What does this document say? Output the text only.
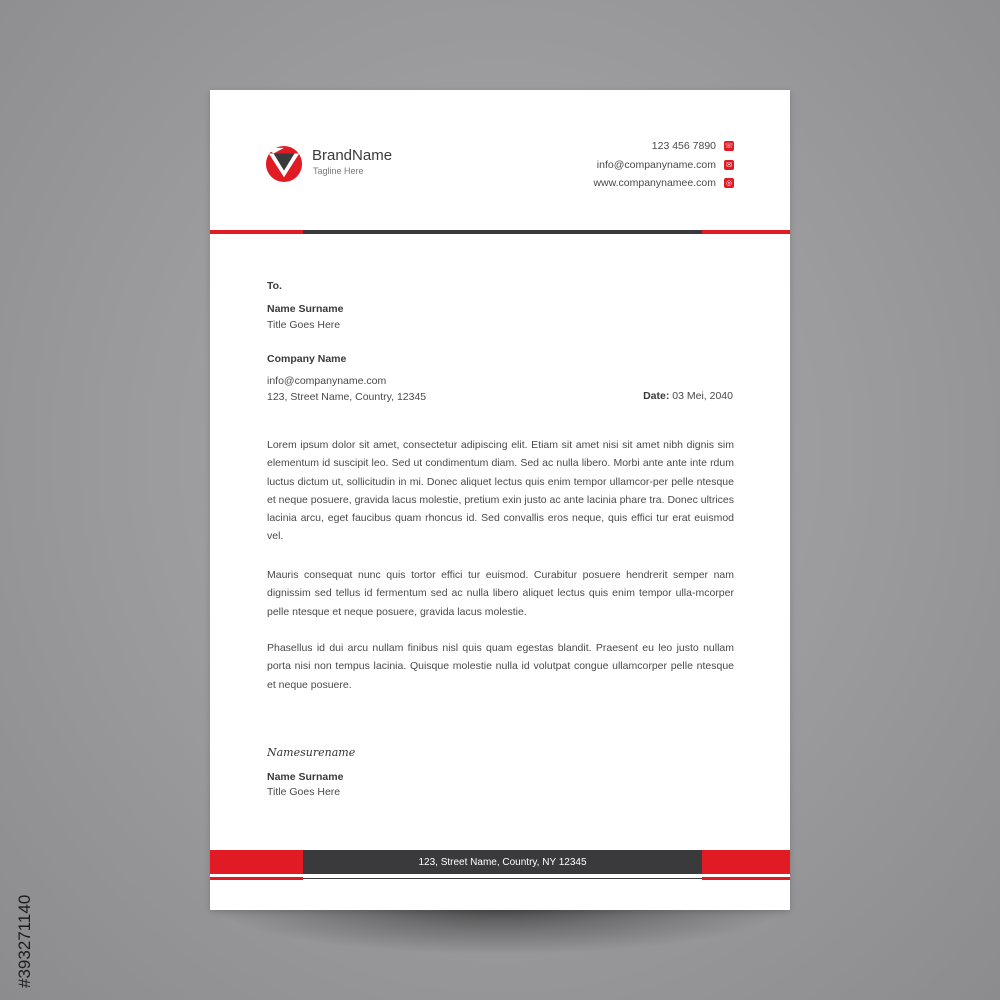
BrandName
Tagline Here
123 456 7890 ☏
info@companyname.com ✉
www.companynamee.com ◎
To.
Name Surname
Title Goes Here
Company Name
info@companyname.com
123, Street Name, Country, 12345	Date: 03 Mei, 2040
Lorem ipsum dolor sit amet, consectetur adipiscing elit. Etiam sit amet nisi sit amet nibh dignis sim elementum id suscipit leo. Sed ut condimentum diam. Sed ac nulla libero. Morbi ante ante inte rdum luctus dictum ut, sollicitudin in mi. Donec aliquet lectus quis enim tempor ullamcor-per pelle ntesque et neque posuere, gravida lacus molestie, pretium exin justo ac ante lacinia phare tra. Donec ultrices lacinia arcu, eget faucibus quam rhoncus id. Sed convallis eros neque, quis effici tur erat euismod vel.
Mauris consequat nunc quis tortor effici tur euismod. Curabitur posuere hendrerit semper nam dignissim sed tellus id fermentum sed ac nulla libero aliquet lectus quis enim tempor ulla-mcorper pelle ntesque et neque posuere, gravida lacus molestie.
Phasellus id dui arcu nullam finibus nisl quis quam egestas blandit. Praesent eu leo justo nullam porta nisi non tempus lacinia. Quisque molestie nulla id volutpat congue ullamcorper pelle ntesque et neque posuere.
Namesurename
Name Surname
Title Goes Here
123, Street Name, Country, NY 12345
#393271140
